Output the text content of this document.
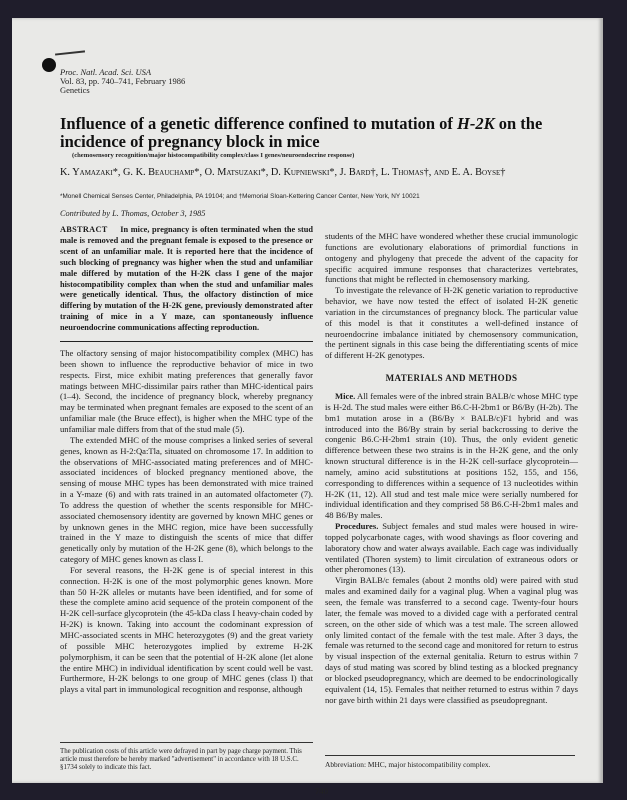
Proc. Natl. Acad. Sci. USA
Vol. 83, pp. 740–741, February 1986
Genetics
Influence of a genetic difference confined to mutation of H-2K on the incidence of pregnancy block in mice
(chemosensory recognition/major histocompatibility complex/class I genes/neuroendocrine response)
K. Yamazaki*, G. K. Beauchamp*, O. Matsuzaki*, D. Kupniewski*, J. Bard†, L. Thomas†, and E. A. Boyse†
*Monell Chemical Senses Center, Philadelphia, PA 19104; and †Memorial Sloan-Kettering Cancer Center, New York, NY 10021
Contributed by L. Thomas, October 3, 1985
ABSTRACT In mice, pregnancy is often terminated when the stud male is removed and the pregnant female is exposed to the presence or scent of an unfamiliar male. It is reported here that the incidence of such blocking of pregnancy was higher when the stud and unfamiliar male differed by mutation of the H-2K class I gene of the major histocompatibility complex than when the stud and unfamiliar males were genetically identical. Thus, the olfactory distinction of mice differing by mutation of the H-2K gene, previously demonstrated after training of mice in a Y maze, can spontaneously influence neuroendocrine communications affecting reproduction.

The olfactory sensing of major histocompatibility complex (MHC) has been shown to influence the reproductive behavior of mice in two respects. First, mice exhibit mating preferences that generally favor matings between MHC-dissimilar pairs rather than MHC-identical pairs (1–4). Second, the incidence of pregnancy block, whereby pregnancy may be terminated when pregnant females are exposed to the scent of an unfamiliar male (the Bruce effect), is higher when the MHC type of the unfamiliar male differs from that of the stud male (5).

The extended MHC of the mouse comprises a linked series of several genes, known as H-2:Qa:Tla, situated on chromosome 17. In addition to the observations of MHC-associated mating preferences and of MHC-associated incidences of blocked pregnancy mentioned above, the sensing of mouse MHC types has been demonstrated with mice trained in a Y-maze (6) and with rats trained in an automated olfactometer (7). To address the question of whether the scents responsible for MHC-associated chemosensory identity are governed by known MHC genes or by unknown genes in the MHC region, mice have been successfully trained in the Y maze to distinguish the scents of mice that differ genetically only by mutation of the H-2K gene (8), which belongs to the category of MHC genes known as class I.

For several reasons, the H-2K gene is of special interest in this connection. H-2K is one of the most polymorphic genes known. More than 50 H-2K alleles or mutants have been identified, and for some of these the complete amino acid sequence of the protein component of the H-2K cell-surface glycoprotein (the 45-kDa class I heavy-chain coded by H-2K) is known. Taking into account the codominant expression of MHC-associated scents in MHC heterozygotes (9) and the great variety of possible MHC heterozygotes implied by extreme H-2K polymorphism, it can be seen that the potential of H-2K alone (let alone the entire MHC) in individual identification by scent could well be vast. Furthermore, H-2K belongs to one group of MHC genes (class I) that plays a vital part in immunological recognition and response, although

students of the MHC have wondered whether these crucial immunologic functions are evolutionary elaborations of primordial functions in ontogeny and phylogeny that precede the advent of the capacity for specific acquired immune responses that characterizes vertebrates, functions that might be reflected in chemosensory marking.

To investigate the relevance of H-2K genetic variation to reproductive behavior, we have now tested the effect of isolated H-2K genetic variation in the circumstances of pregnancy block. The particular value of this model is that it constitutes a well-defined instance of neuroendocrine imbalance initiated by chemosensory communication, the pertinent signals in this case being the differentiating scents of mice of different H-2K genotypes.

MATERIALS AND METHODS

Mice. All females were of the inbred strain BALB/c whose MHC type is H-2d. The stud males were either B6.C-H-2bm1 or B6/By (H-2b). The bm1 mutation arose in a (B6/By × BALB/c)F1 hybrid and was introduced into the B6/By strain by serial backcrossing to derive the congenic B6.C-H-2bm1 strain (10). Thus, the only evident genetic difference between these two strains is in the H-2K gene, and the only known structural difference is in the H-2K cell-surface glycoprotein—namely, amino acid substitutions at positions 152, 155, and 156, corresponding to differences within a sequence of 13 nucleotides within H-2K (11, 12). All stud and test male mice were serially numbered for individual identification and they comprised 58 B6.C-H-2bm1 males and 48 B6/By males.

Procedures. Subject females and stud males were housed in wire-topped polycarbonate cages, with wood shavings as floor covering and laboratory chow and water always available. Each cage was individually ventilated (Thoren system) to limit circulation of extraneous odors or other pheromones (13).

Virgin BALB/c females (about 2 months old) were paired with stud males and examined daily for a vaginal plug. When a vaginal plug was seen, the female was transferred to a second cage. Twenty-four hours later, the female was moved to a divided cage with a perforated central screen, on the other side of which was a test male. The screen allowed only limited contact of the female with the test male. After 3 days, the female was returned to the second cage and monitored for return to estrus by visual inspection of the external genitalia. Return to estrus within 7 days of stud mating was scored by blind testing as a blocked pregnancy or blocked pseudopregnancy, which are deemed to be endocrinologically equivalent (14, 15). Females that neither returned to estrus within 7 days nor gave birth within 21 days were classified as pseudopregnant.

The publication costs of this article were defrayed in part by page charge payment. This article must therefore be hereby marked "advertisement" in accordance with 18 U.S.C. §1734 solely to indicate this fact.	Abbreviation: MHC, major histocompatibility complex.
740
